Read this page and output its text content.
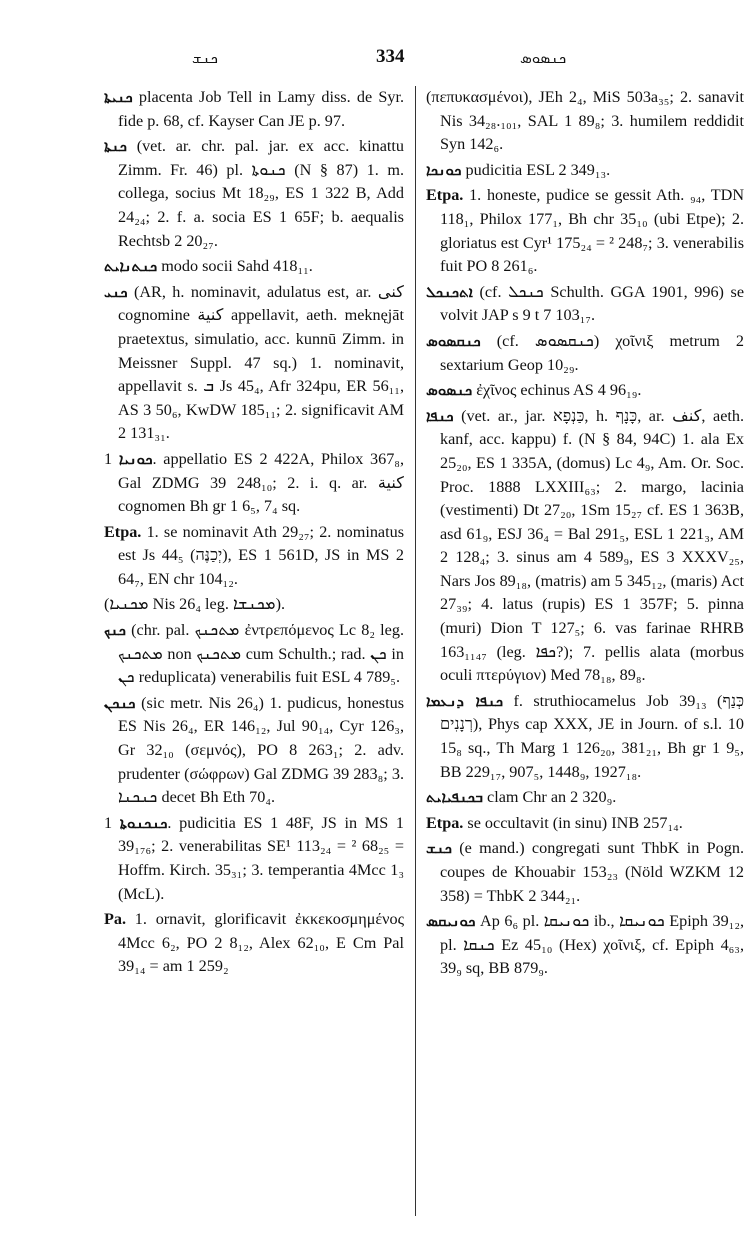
ܟܢܫ	334	ܟܢܣܘܣ

ܟܢܝܬܐ placenta Job Tell in Lamy diss. de Syr. fide p. 68, cf. Kayser Can JE p. 97.

ܟܢܬܐ (vet. ar. chr. pal. jar. ex acc. kinattu Zimm. Fr. 46) pl. ܟܢܘܬܐ (N § 87) 1. m. collega, socius Mt 18₂₉, ES 1 322 B, Add 24₂₄; 2. f. a. socia ES 1 65F; b. aequalis Rechtsb 2 20₂₇.

ܟܢܬܢܐܝܬ modo socii Sahd 418₁₁.

ܟܢܝ (AR, h. nominavit, adulatus est, ar. كنى cognomine كنية appellavit, aeth. meknęjāt praetextus, simulatio, acc. kunnū Zimm. in Meissner Suppl. 47 sq.) 1. nominavit, appellavit s. ܒ Js 45₄, Afr 324pu, ER 56₁₁, AS 3 50₆, KwDW 185₁₁; 2. significavit AM 2 131₃₁.

ܟܘܢܝܐ 1. appellatio ES 2 422A, Philox 367₈, Gal ZDMG 39 248₁₀; 2. i. q. ar. كنية cognomen Bh gr 1 6₅, 7₄ sq.

Etpa. 1. se nominavit Ath 29₂₇; 2. nominatus est Js 44₅ (יְכַנֶּה), ES 1 561D, JS in MS 2 64₇, EN chr 104₁₂.

(ܡܟܢܝܐ Nis 26₄ leg. ܡܟܢܫܐ).

ܟܢܟ (chr. pal. ܡܬܟܢܟ ἐντρεπόμενος Lc 8₂ leg. ܡܬܟܢܟ non ܡܬܟܢܟ cum Schulth.; rad. ܟܢ in ܟܢ reduplicata) venerabilis fuit ESL 4 789₅.

ܟܢܟܢ (sic metr. Nis 26₄) 1. pudicus, honestus ES Nis 26₄, ER 146₁₂, Jul 90₁₄, Cyr 126₃, Gr 32₁₀ (σεμνός), PO 8 263₁; 2. adv. prudenter (σώφρων) Gal ZDMG 39 283₈; 3. ܟܢܟܢܐ decet Bh Eth 70₄.

ܟܢܟܢܘܬܐ 1. pudicitia ES 1 48F, JS in MS 1 39₁₇₆; 2. venerabilitas SE¹ 113₂₄ = ² 68₂₅ = Hoffm. Kirch. 35₃₁; 3. temperantia 4Mcc 1₃ (McL).

Pa. 1. ornavit, glorificavit ἐκκεκοσμημένος 4Mcc 6₂, PO 2 8₁₂, Alex 62₁₀, E Cm Pal 39₁₄ = am 1 259₂

(πεπυκασμένοι), JEh 2₄, MiS 503a₃₅; 2. sanavit Nis 34₂₈.₁₀₁, SAL 1 89₈; 3. humilem reddidit Syn 142₆.

ܟܘܢܟܐ pudicitia ESL 2 349₁₃.

Etpa. 1. honeste, pudice se gessit Ath. ₉₄, TDN 118₁, Philox 177₁, Bh chr 35₁₀ (ubi Etpe); 2. gloriatus est Cyr¹ 175₂₄ = ² 248₇; 3. venerabilis fuit PO 8 261₆.

ܐܬܟܢܟܠ (cf. ܟܢܟܠ Schulth. GGA 1901, 996) se volvit JAP s 9 t 7 103₁₇.

ܟܢܩܣܘܣ (cf. ܟܢܩܣܘܣ) χοῖνιξ metrum 2 sextarium Geop 10₂₉.

ܟܢܣܘܣ ἐχῖνος echinus AS 4 96₁₉.

ܟܢܦܐ (vet. ar., jar. כַּנְפָא, h. כָּנָף, ar. كنف, aeth. kanf, acc. kappu) f. (N § 84, 94C) 1. ala Ex 25₂₀, ES 1 335A, (domus) Lc 4₉, Am. Or. Soc. Proc. 1888 LXXIII₆₃; 2. margo, lacinia (vestimenti) Dt 27₂₀, 1Sm 15₂₇ cf. ES 1 363B, asd 61₉, ESJ 36₄ = Bal 291₅, ESL 1 221₃, AM 2 128₄; 3. sinus am 4 589₉, ES 3 XXXV₂₅, Nars Jos 89₁₈, (matris) am 5 345₁₂, (maris) Act 27₃₉; 4. latus (rupis) ES 1 357F; 5. pinna (muri) Dion T 127₅; 6. vas farinae RHRB 163₁₁₄₇ (leg. ܟܦܐ?); 7. pellis alata (morbus oculi πτερύγιον) Med 78₁₈, 89₈.

ܟܢܦܐ ܕܢܥܡܐ f. struthiocamelus Job 39₁₃ (כְּנַף רְנָנִים), Phys cap XXX, JE in Journ. of s.l. 10 15₈ sq., Th Marg 1 126₂₀, 381₂₁, Bh gr 1 9₅, BB 229₁₇, 907₅, 1448₉, 1927₁₈.

ܒܟܢܦܝܐܝܬ clam Chr an 2 320₉.

Etpa. se occultavit (in sinu) INB 257₁₄.

ܟܢܫ (e mand.) congregati sunt ThbK in Pogn. coupes de Khouabir 153₂₃ (Nöld WZKM 12 358) = ThbK 2 344₂₁.

ܟܘܢܝܩܣ Ap 6₆ pl. ܟܘܢܝܩܐ ib., ܟܘܢܝܩܐ Epiph 39₁₂, pl. ܟܢܩܐ Ez 45₁₀ (Hex) χοῖνιξ, cf. Epiph 4₆₃, 39₉ sq, BB 879₉.
